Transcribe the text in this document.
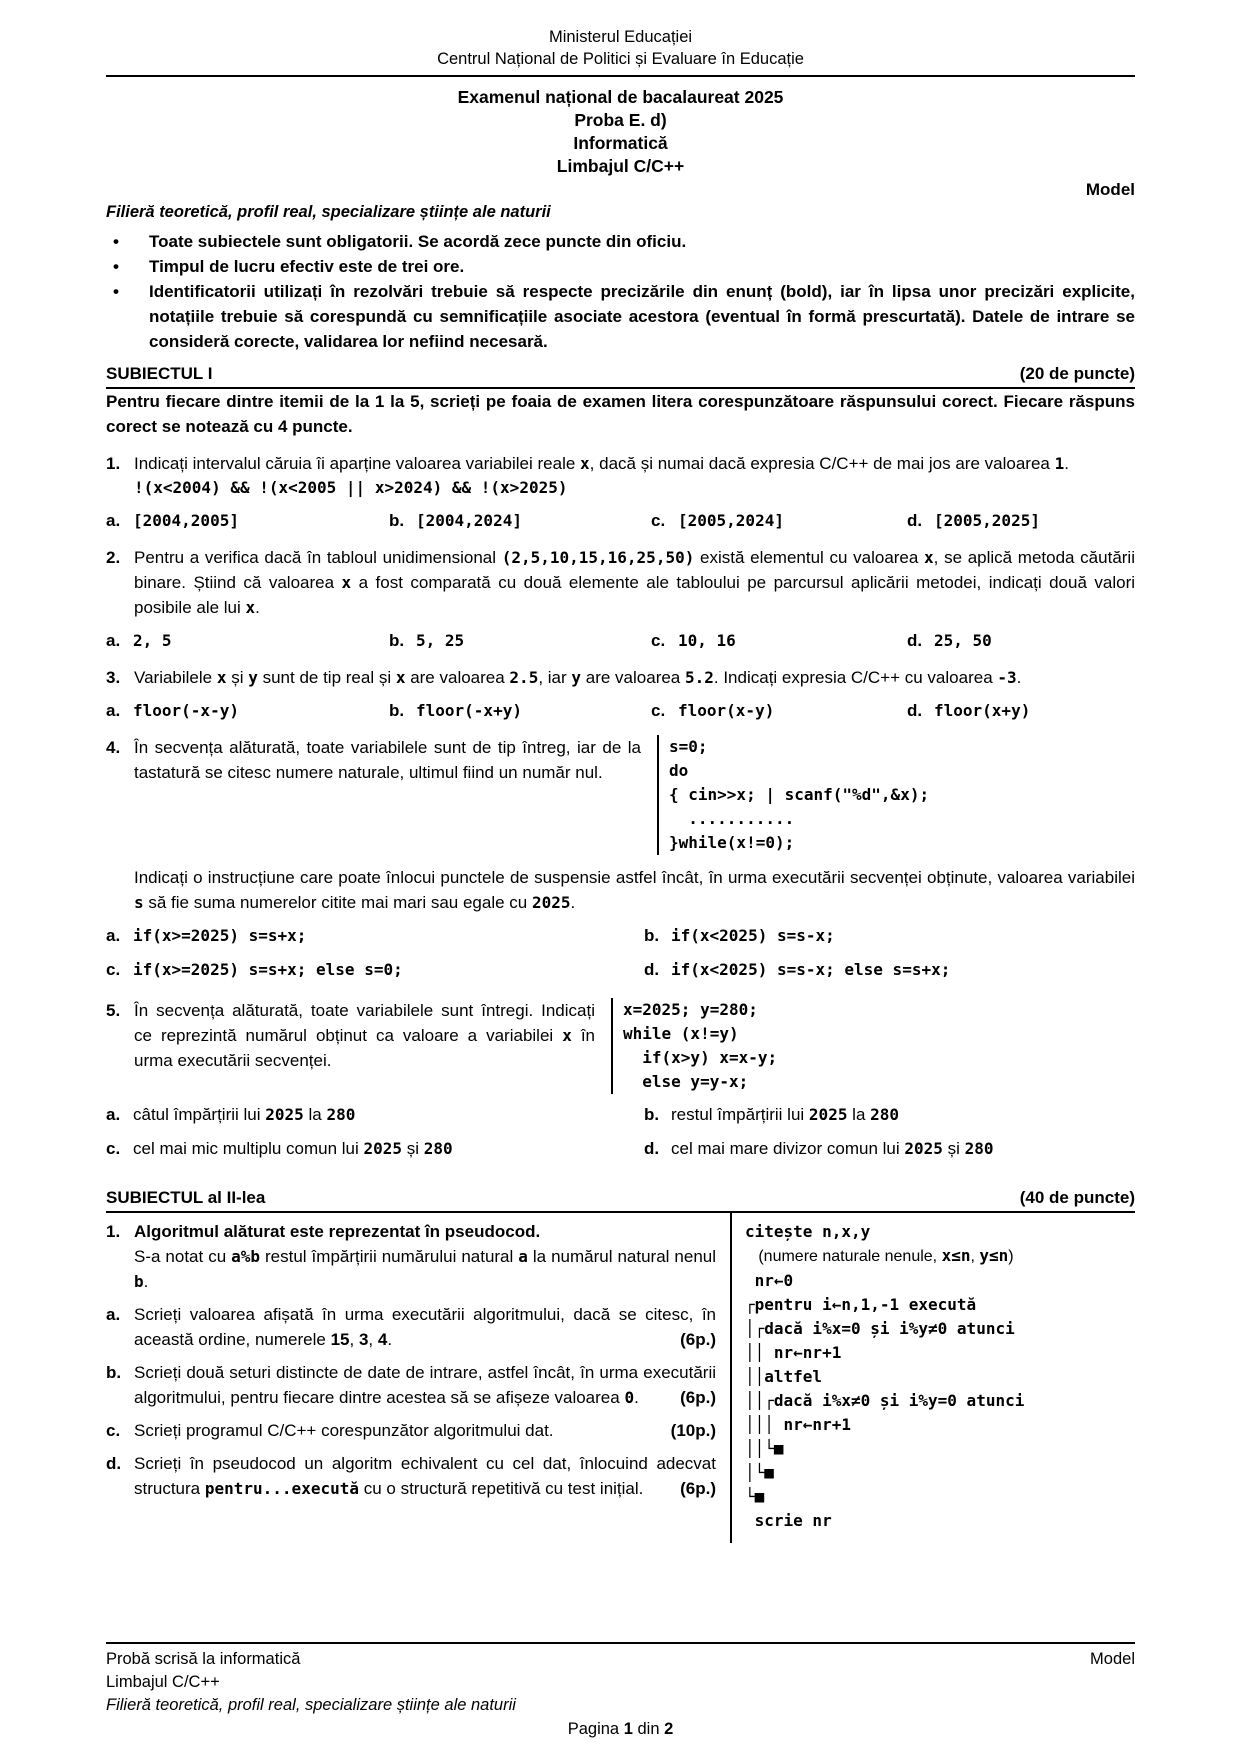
Ministerul Educației
Centrul Național de Politici și Evaluare în Educație
Examenul național de bacalaureat 2025
Proba E. d)
Informatică
Limbajul C/C++
Model
Filieră teoretică, profil real, specializare științe ale naturii
• Toate subiectele sunt obligatorii. Se acordă zece puncte din oficiu.
• Timpul de lucru efectiv este de trei ore.
• Identificatorii utilizați în rezolvări trebuie să respecte precizările din enunț (bold), iar în lipsa unor precizări explicite, notațiile trebuie să corespundă cu semnificațiile asociate acestora (eventual în formă prescurtată). Datele de intrare se consideră corecte, validarea lor nefiind necesară.
SUBIECTUL I	(20 de puncte)
Pentru fiecare dintre itemii de la 1 la 5, scrieți pe foaia de examen litera corespunzătoare răspunsului corect. Fiecare răspuns corect se notează cu 4 puncte.
1. Indicați intervalul căruia îi aparține valoarea variabilei reale x, dacă și numai dacă expresia C/C++ de mai jos are valoarea 1.
!(x<2004) && !(x<2005 || x>2024) && !(x>2025)
a. [2004,2005]	b. [2004,2024]	c. [2005,2024]	d. [2005,2025]
2. Pentru a verifica dacă în tabloul unidimensional (2,5,10,15,16,25,50) există elementul cu valoarea x, se aplică metoda căutării binare. Știind că valoarea x a fost comparată cu două elemente ale tabloului pe parcursul aplicării metodei, indicați două valori posibile ale lui x.
a. 2, 5	b. 5, 25	c. 10, 16	d. 25, 50
3. Variabilele x și y sunt de tip real și x are valoarea 2.5, iar y are valoarea 5.2. Indicați expresia C/C++ cu valoarea -3.
a. floor(-x-y)	b. floor(-x+y)	c. floor(x-y)	d. floor(x+y)
4. În secvența alăturată, toate variabilele sunt de tip întreg, iar de la tastatură se citesc numere naturale, ultimul fiind un număr nul.
s=0;
do
{ cin>>x; | scanf("%d",&x);
...........
}while(x!=0);
Indicați o instrucțiune care poate înlocui punctele de suspensie astfel încât, în urma executării secvenței obținute, valoarea variabilei s să fie suma numerelor citite mai mari sau egale cu 2025.
a. if(x>=2025) s=s+x;	b. if(x<2025) s=s-x;
c. if(x>=2025) s=s+x; else s=0;	d. if(x<2025) s=s-x; else s=s+x;
5. În secvența alăturată, toate variabilele sunt întregi. Indicați ce reprezintă numărul obținut ca valoare a variabilei x în urma executării secvenței.
x=2025; y=280;
while (x!=y)
if(x>y) x=x-y;
else y=y-x;
a. câtul împărțirii lui 2025 la 280	b. restul împărțirii lui 2025 la 280
c. cel mai mic multiplu comun lui 2025 și 280	d. cel mai mare divizor comun lui 2025 și 280
SUBIECTUL al II-lea	(40 de puncte)
1. Algoritmul alăturat este reprezentat în pseudocod.
S-a notat cu a%b restul împărțirii numărului natural a la numărul natural nenul b.
a. Scrieți valoarea afișată în urma executării algoritmului, dacă se citesc, în această ordine, numerele 15, 3, 4.	(6p.)
b. Scrieți două seturi distincte de date de intrare, astfel încât, în urma executării algoritmului, pentru fiecare dintre acestea să se afișeze valoarea 0. (6p.)
c. Scrieți programul C/C++ corespunzător algoritmului dat.	(10p.)
d. Scrieți în pseudocod un algoritm echivalent cu cel dat, înlocuind adecvat structura pentru...execută cu o structură repetitivă cu test inițial. (6p.)
citește n,x,y
(numere naturale nenule, x≤n, y≤n)
nr←0
┌pentru i←n,1,-1 execută
│┌dacă i%x=0 și i%y≠0 atunci
││ nr←nr+1
││altfel
││┌dacă i%x≠0 și i%y=0 atunci
│││ nr←nr+1
││└■
│└■
└■
scrie nr
Probă scrisă la informatică	Model
Limbajul C/C++
Filieră teoretică, profil real, specializare științe ale naturii
Pagina 1 din 2
